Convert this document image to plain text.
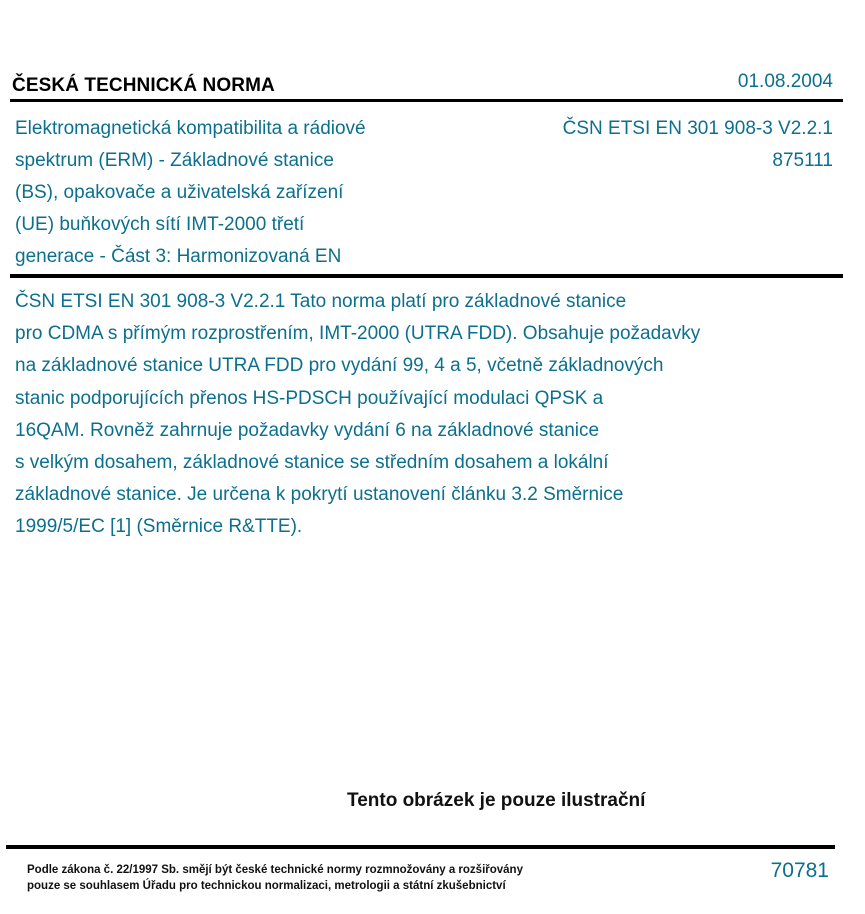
ČESKÁ TECHNICKÁ NORMA	01.08.2004
Elektromagnetická kompatibilita a rádiové
spektrum (ERM) - Základnové stanice
(BS), opakovače a uživatelská zařízení
(UE) buňkových sítí IMT-2000 třetí
generace - Část 3: Harmonizovaná EN
ČSN ETSI EN 301 908-3 V2.2.1
875111
ČSN ETSI EN 301 908-3 V2.2.1 Tato norma platí pro základnové stanice
pro CDMA s přímým rozprostřením, IMT-2000 (UTRA FDD). Obsahuje požadavky
na základnové stanice UTRA FDD pro vydání 99, 4 a 5, včetně základnových
stanic podporujících přenos HS-PDSCH používající modulaci QPSK a
16QAM. Rovněž zahrnuje požadavky vydání 6 na základnové stanice
s velkým dosahem, základnové stanice se středním dosahem a lokální
základnové stanice. Je určena k pokrytí ustanovení článku 3.2 Směrnice
1999/5/EC [1] (Směrnice R&TTE).
Tento obrázek je pouze ilustrační
Podle zákona č. 22/1997 Sb. smějí být české technické normy rozmnožovány a rozšiřovány
pouze se souhlasem Úřadu pro technickou normalizaci, metrologii a státní zkušebnictví
70781
